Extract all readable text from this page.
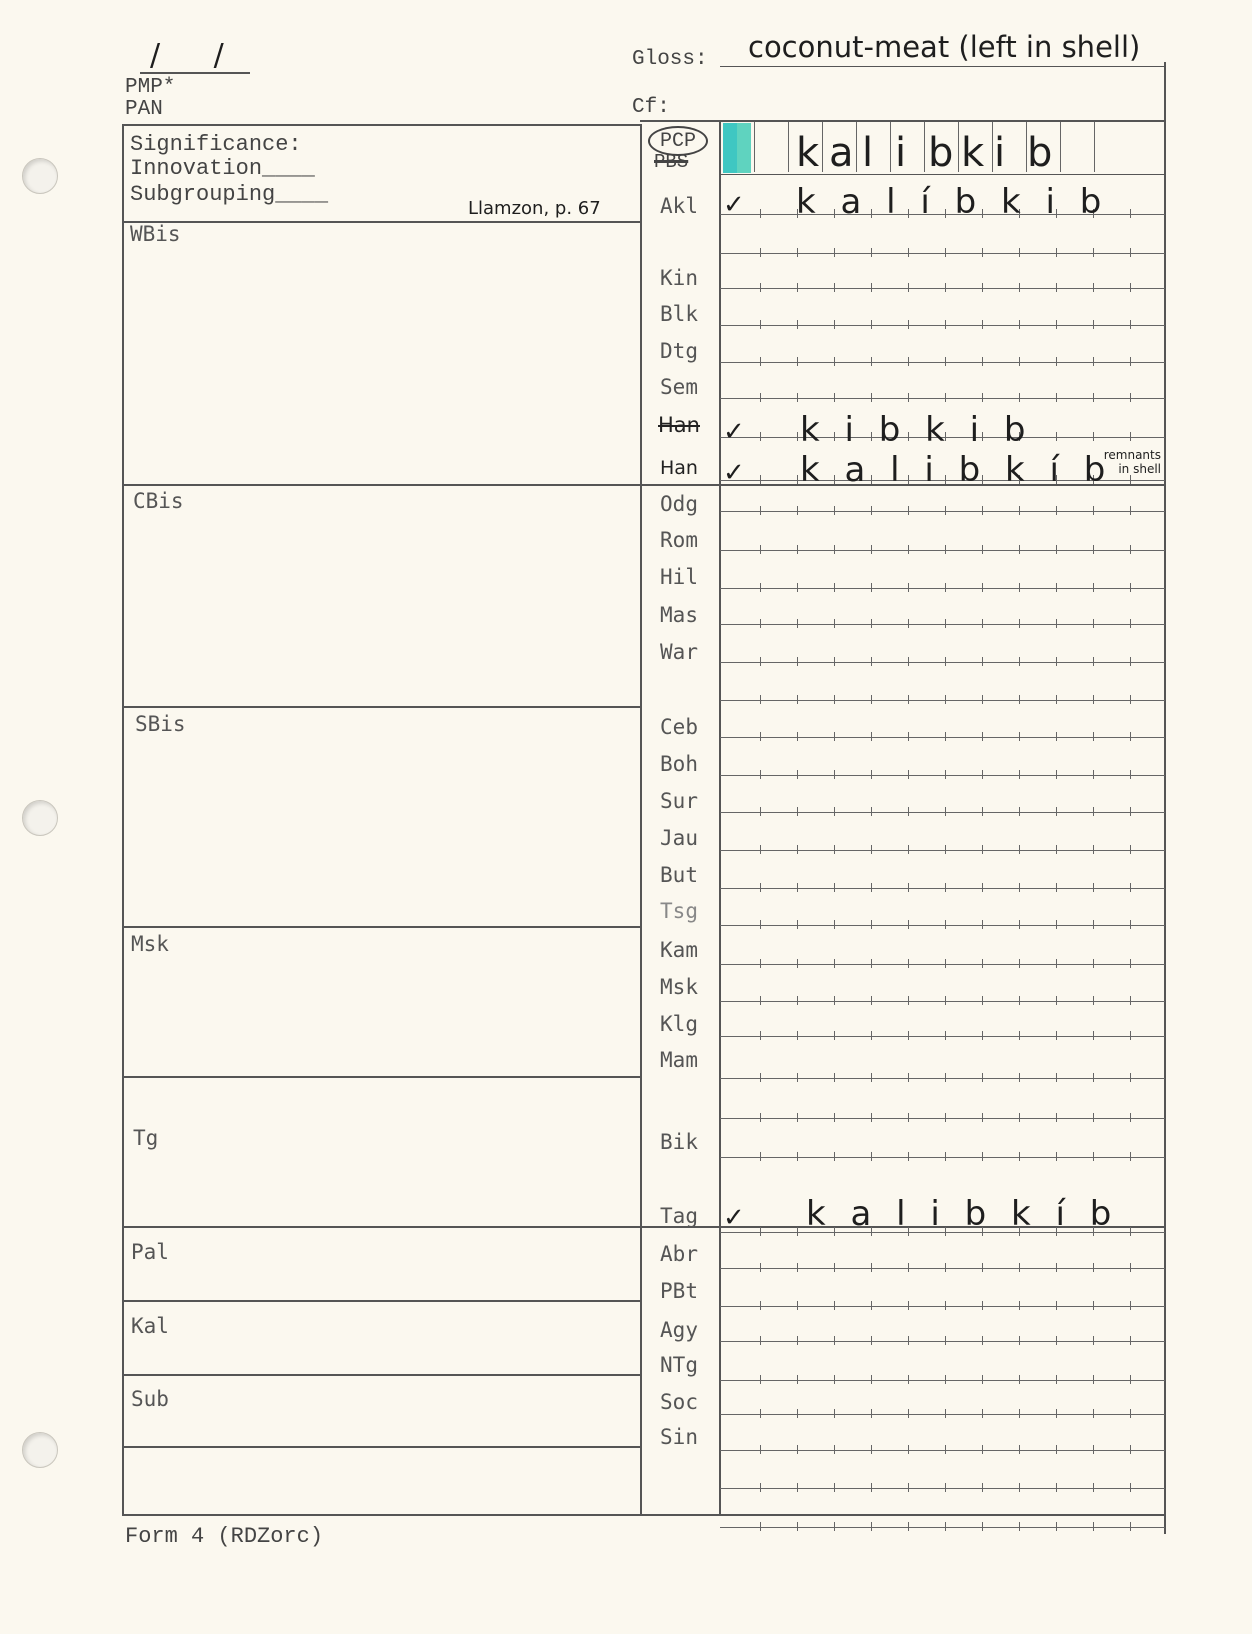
/ /
PMP*
PAN
Gloss: coconut-meat (left in shell)
Cf:
Significance:
Innovation____
Subgrouping____
Llamzon, p. 67
WBis
CBis
SBis
Msk
Tg
Pal
Kal
Sub
PCP
PBS	k a l i b k i b
Akl
Kin
Blk
Dtg
Sem
Han
Han
Odg
Rom
Hil
Mas
War
Ceb
Boh
Sur
Jau
But
Tsg
Kam
Msk
Klg
Mam
Bik
Tag
Abr
PBt
Agy
NTg
Soc
Sin
✓ k a l í b k i b
✓

k i b k i b

✓ k a l i b k í b
remnants in shell
✓ k a l i b k í b
Form 4 (RDZorc)
